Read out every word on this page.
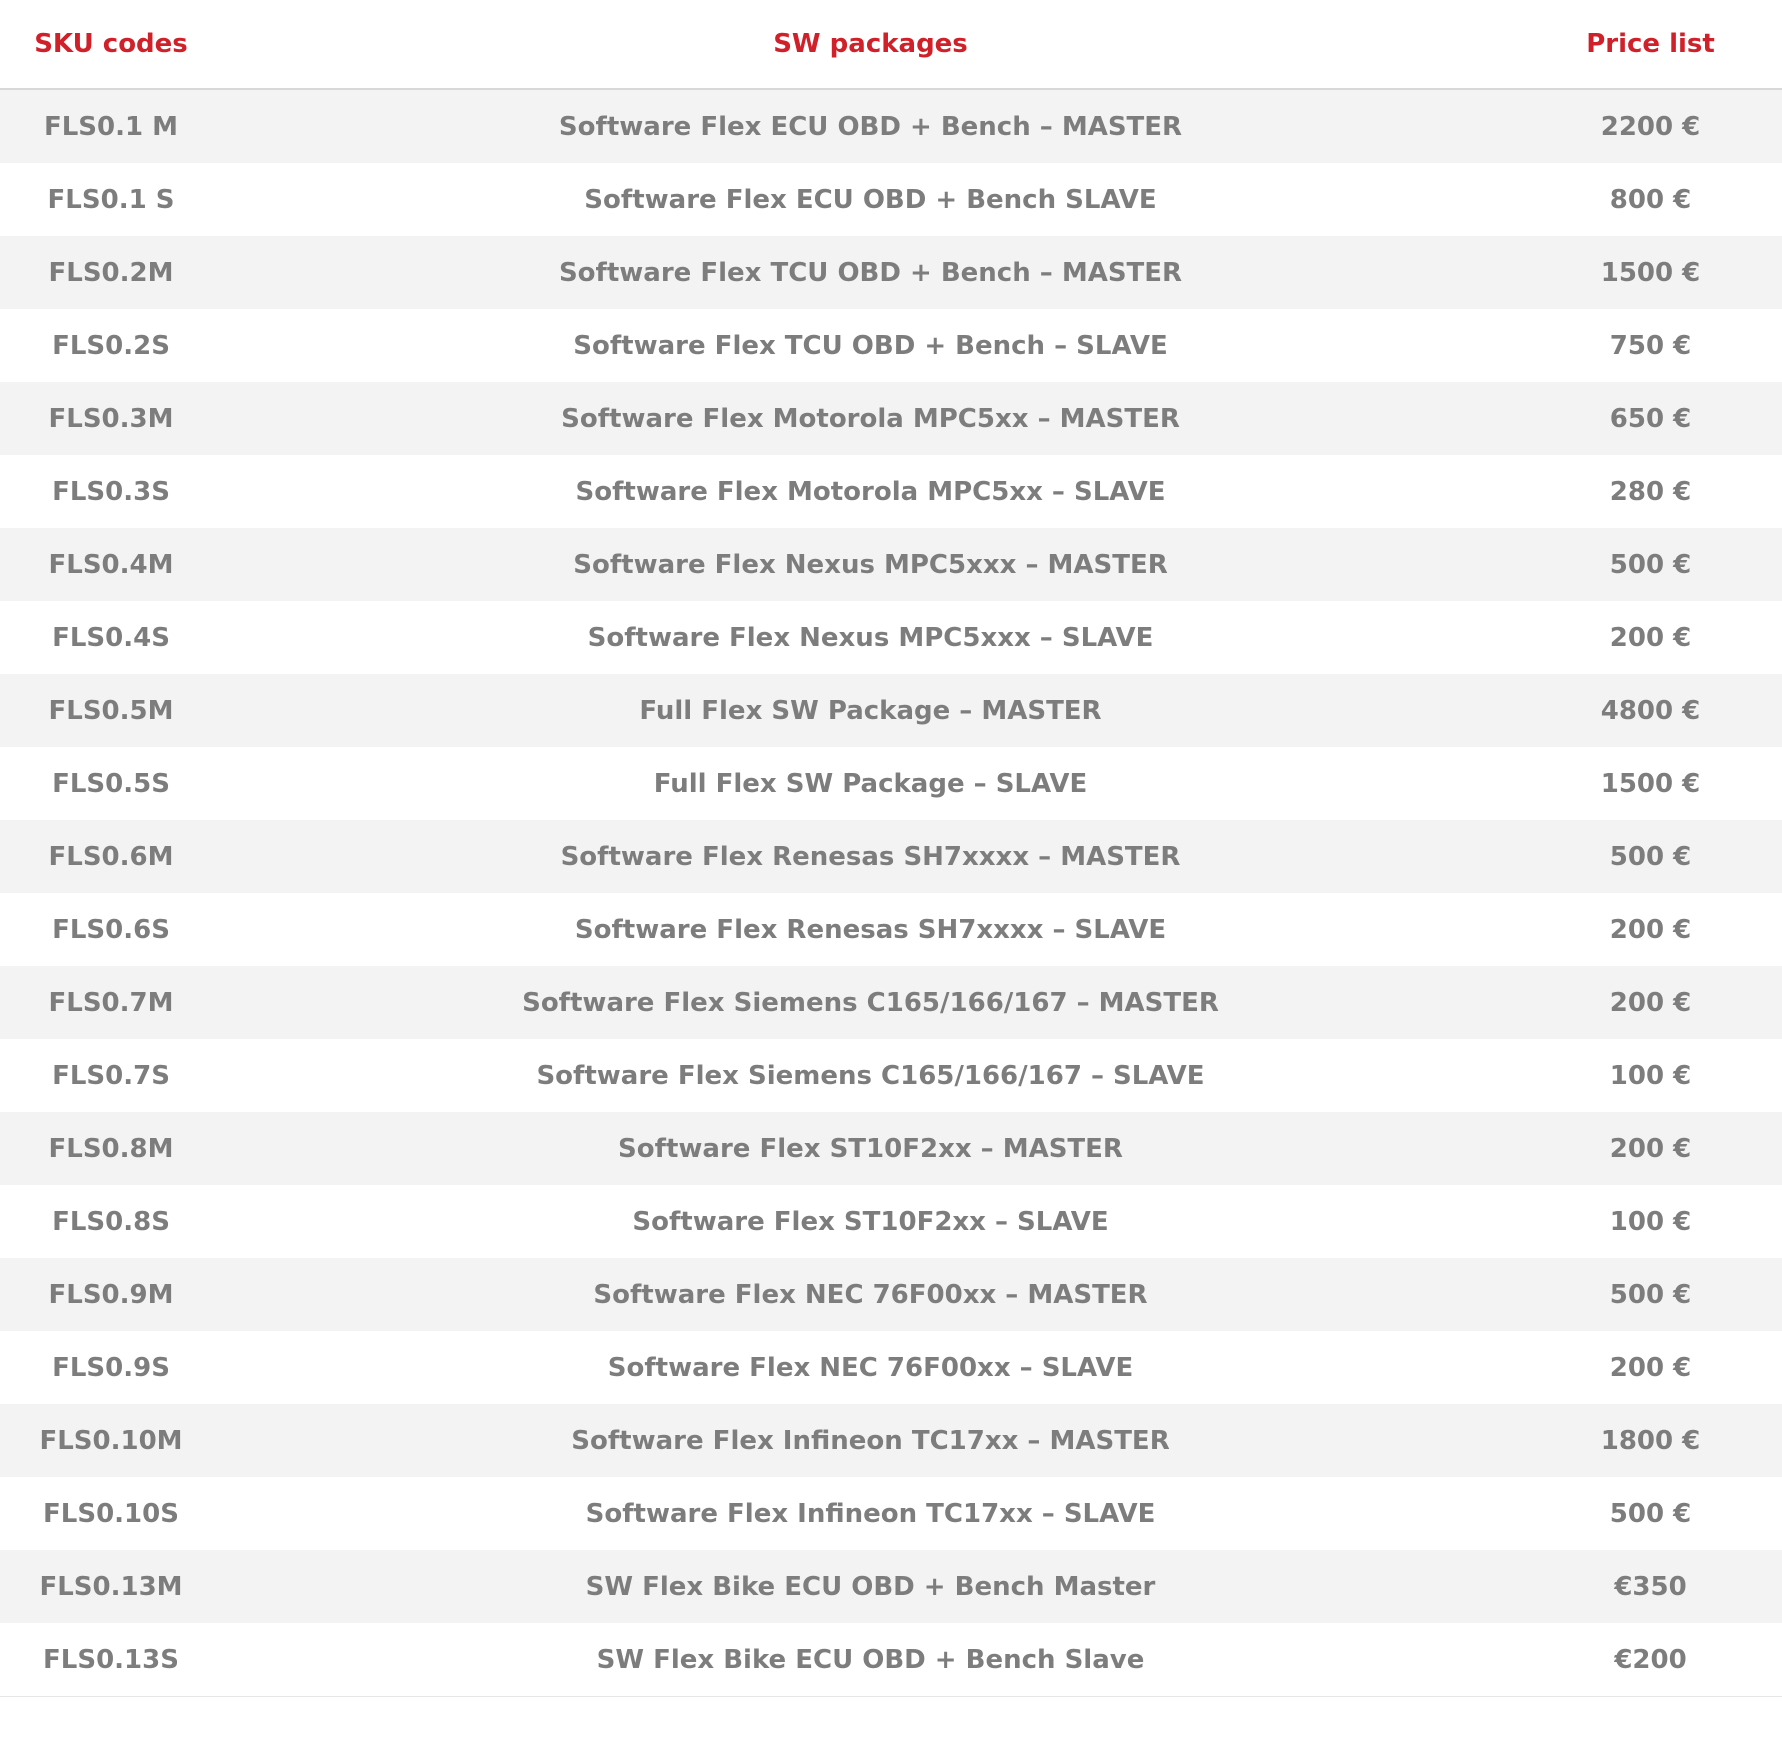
SKU codes	SW packages	Price list
FLS0.1 M	Software Flex ECU OBD + Bench – MASTER	2200 €
FLS0.1 S	Software Flex ECU OBD + Bench SLAVE	800 €
FLS0.2M	Software Flex TCU OBD + Bench – MASTER	1500 €
FLS0.2S	Software Flex TCU OBD + Bench – SLAVE	750 €
FLS0.3M	Software Flex Motorola MPC5xx – MASTER	650 €
FLS0.3S	Software Flex Motorola MPC5xx – SLAVE	280 €
FLS0.4M	Software Flex Nexus MPC5xxx – MASTER	500 €
FLS0.4S	Software Flex Nexus MPC5xxx – SLAVE	200 €
FLS0.5M	Full Flex SW Package – MASTER	4800 €
FLS0.5S	Full Flex SW Package – SLAVE	1500 €
FLS0.6M	Software Flex Renesas SH7xxxx – MASTER	500 €
FLS0.6S	Software Flex Renesas SH7xxxx – SLAVE	200 €
FLS0.7M	Software Flex Siemens C165/166/167 – MASTER	200 €
FLS0.7S	Software Flex Siemens C165/166/167 – SLAVE	100 €
FLS0.8M	Software Flex ST10F2xx – MASTER	200 €
FLS0.8S	Software Flex ST10F2xx – SLAVE	100 €
FLS0.9M	Software Flex NEC 76F00xx – MASTER	500 €
FLS0.9S	Software Flex NEC 76F00xx – SLAVE	200 €
FLS0.10M	Software Flex Infineon TC17xx – MASTER	1800 €
FLS0.10S	Software Flex Infineon TC17xx – SLAVE	500 €
FLS0.13M	SW Flex Bike ECU OBD + Bench Master	€350
FLS0.13S	SW Flex Bike ECU OBD + Bench Slave	€200
